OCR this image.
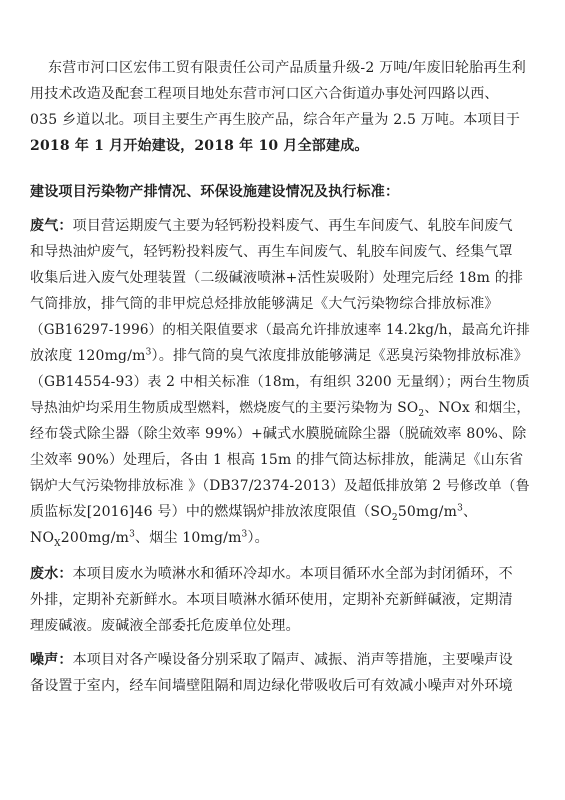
东营市河口区宏伟工贸有限责任公司产品质量升级-2 万吨/年废旧轮胎再生利
用技术改造及配套工程项目地处东营市河口区六合街道办事处河四路以西、
035 乡道以北。项目主要生产再生胶产品，综合年产量为 2.5 万吨。本项目于
2018 年 1 月开始建设，2018 年 10 月全部建成。
建设项目污染物产排情况、环保设施建设情况及执行标准：
废气：项目营运期废气主要为轻钙粉投料废气、再生车间废气、轧胶车间废气
和导热油炉废气，轻钙粉投料废气、再生车间废气、轧胶车间废气、经集气罩
收集后进入废气处理装置（二级碱液喷淋+活性炭吸附）处理完后经 18m 的排
气筒排放，排气筒的非甲烷总烃排放能够满足《大气污染物综合排放标准》
（GB16297-1996）的相关限值要求（最高允许排放速率 14.2kg/h，最高允许排
放浓度 $120mg/m^3$）。排气筒的臭气浓度排放能够满足《恶臭污染物排放标准》
（GB14554-93）表 2 中相关标准（18m，有组织 3200 无量纲）；两台生物质
导热油炉均采用生物质成型燃料，燃烧废气的主要污染物为 $SO_2$、NOx 和烟尘，
经布袋式除尘器（除尘效率 99%）+碱式水膜脱硫除尘器（脱硫效率 80%、除
尘效率 90%）处理后，各由 1 根高 15m 的排气筒达标排放，能满足《山东省
锅炉大气污染物排放标准 》（DB37/2374-2013）及超低排放第 2 号修改单（鲁
质监标发[2016]46 号）中的燃煤锅炉排放浓度限值（$SO_250mg/m^3$、
$NO_X200mg/m^3$、烟尘 $10mg/m^3$）。
废水：本项目废水为喷淋水和循环冷却水。本项目循环水全部为封闭循环，不
外排，定期补充新鲜水。本项目喷淋水循环使用，定期补充新鲜碱液，定期清
理废碱液。废碱液全部委托危废单位处理。
噪声：本项目对各产噪设备分别采取了隔声、减振、消声等措施，主要噪声设
备设置于室内，经车间墙壁阻隔和周边绿化带吸收后可有效减小噪声对外环境
